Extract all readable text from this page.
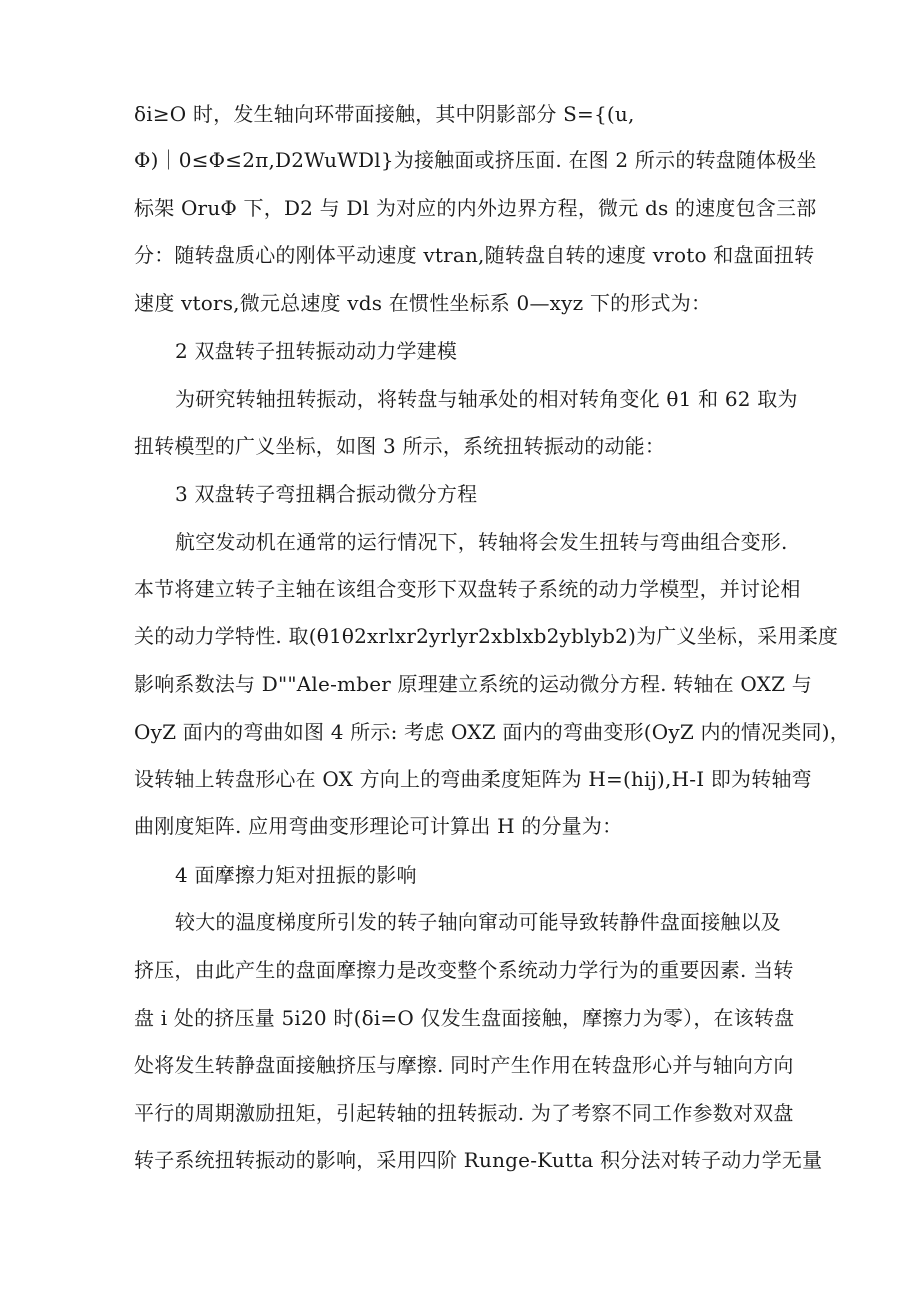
δi≥O 时，发生轴向环带面接触，其中阴影部分 S={(u,
Φ)｜0≤Φ≤2π,D2WuWDl}为接触面或挤压面. 在图 2 所示的转盘随体极坐
标架 OruΦ 下，D2 与 Dl 为对应的内外边界方程，微元 ds 的速度包含三部
分：随转盘质心的刚体平动速度 vtran,随转盘自转的速度 vroto 和盘面扭转
速度 vtors,微元总速度 vds 在惯性坐标系 0—xyz 下的形式为：
2 双盘转子扭转振动动力学建模
为研究转轴扭转振动，将转盘与轴承处的相对转角变化 θ1 和 62 取为
扭转模型的广义坐标，如图 3 所示，系统扭转振动的动能：
3 双盘转子弯扭耦合振动微分方程
航空发动机在通常的运行情况下，转轴将会发生扭转与弯曲组合变形.
本节将建立转子主轴在该组合变形下双盘转子系统的动力学模型，并讨论相
关的动力学特性. 取(θ1θ2xrlxr2yrlyr2xblxb2yblyb2)为广义坐标，采用柔度
影响系数法与 D""Ale-mber 原理建立系统的运动微分方程. 转轴在 OXZ 与
OyZ 面内的弯曲如图 4 所示: 考虑 OXZ 面内的弯曲变形(OyZ 内的情况类同)，
设转轴上转盘形心在 OX 方向上的弯曲柔度矩阵为 H=(hij),H-I 即为转轴弯
曲刚度矩阵. 应用弯曲变形理论可计算出 H 的分量为：
4 面摩擦力矩对扭振的影响
较大的温度梯度所引发的转子轴向窜动可能导致转静件盘面接触以及
挤压，由此产生的盘面摩擦力是改变整个系统动力学行为的重要因素. 当转
盘 i 处的挤压量 5i20 时(δi=O 仅发生盘面接触，摩擦力为零），在该转盘
处将发生转静盘面接触挤压与摩擦. 同时产生作用在转盘形心并与轴向方向
平行的周期激励扭矩，引起转轴的扭转振动. 为了考察不同工作参数对双盘
转子系统扭转振动的影响，采用四阶 Runge-Kutta 积分法对转子动力学无量
